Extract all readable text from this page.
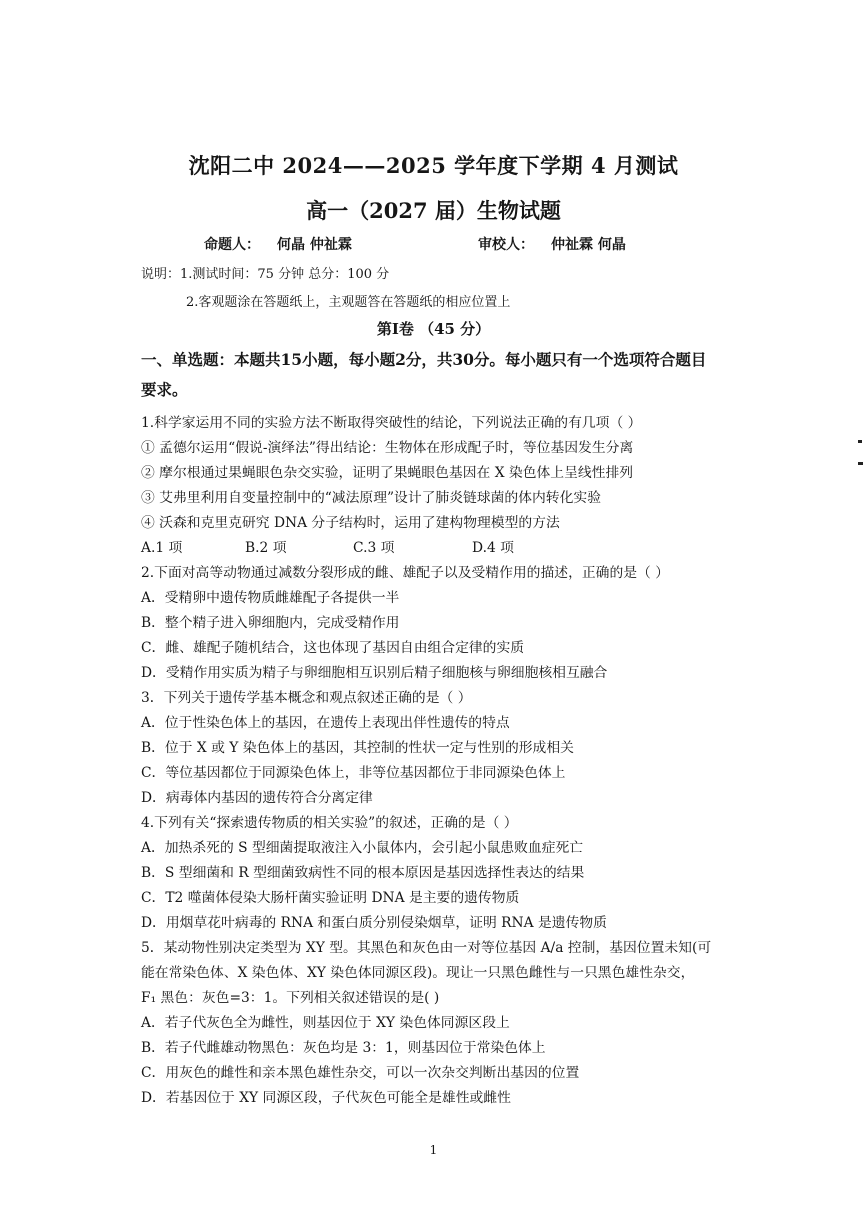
沈阳二中 2024——2025 学年度下学期 4 月测试
高一（2027 届）生物试题
命题人： 何晶 仲祉霖	审校人： 仲祉霖 何晶
说明：1.测试时间：75 分钟 总分：100 分
2.客观题涂在答题纸上，主观题答在答题纸的相应位置上
第Ⅰ卷 （45 分）
一、单选题：本题共15小题，每小题2分，共30分。每小题只有一个选项符合题目
要求。
1.科学家运用不同的实验方法不断取得突破性的结论，下列说法正确的有几项（ ）
① 孟德尔运用“假说-演绎法”得出结论：生物体在形成配子时，等位基因发生分离
② 摩尔根通过果蝇眼色杂交实验，证明了果蝇眼色基因在 X 染色体上呈线性排列
③ 艾弗里利用自变量控制中的“减法原理”设计了肺炎链球菌的体内转化实验
④ 沃森和克里克研究 DNA 分子结构时，运用了建构物理模型的方法
A.1 项	B.2 项	C.3 项	D.4 项
2.下面对高等动物通过减数分裂形成的雌、雄配子以及受精作用的描述，正确的是（ ）
A．受精卵中遗传物质雌雄配子各提供一半
B．整个精子进入卵细胞内，完成受精作用
C．雌、雄配子随机结合，这也体现了基因自由组合定律的实质
D．受精作用实质为精子与卵细胞相互识别后精子细胞核与卵细胞核相互融合
3．下列关于遗传学基本概念和观点叙述正确的是（ ）
A．位于性染色体上的基因，在遗传上表现出伴性遗传的特点
B．位于 X 或 Y 染色体上的基因，其控制的性状一定与性别的形成相关
C．等位基因都位于同源染色体上，非等位基因都位于非同源染色体上
D．病毒体内基因的遗传符合分离定律
4.下列有关“探索遗传物质的相关实验”的叙述，正确的是（ ）
A．加热杀死的 S 型细菌提取液注入小鼠体内，会引起小鼠患败血症死亡
B．S 型细菌和 R 型细菌致病性不同的根本原因是基因选择性表达的结果
C．T2 噬菌体侵染大肠杆菌实验证明 DNA 是主要的遗传物质
D．用烟草花叶病毒的 RNA 和蛋白质分别侵染烟草，证明 RNA 是遗传物质
5．某动物性别决定类型为 XY 型。其黑色和灰色由一对等位基因 A/a 控制，基因位置未知(可
能在常染色体、X 染色体、XY 染色体同源区段)。现让一只黑色雌性与一只黑色雄性杂交，
F₁ 黑色：灰色=3：1。下列相关叙述错误的是( )
A．若子代灰色全为雌性，则基因位于 XY 染色体同源区段上
B．若子代雌雄动物黑色：灰色均是 3：1，则基因位于常染色体上
C．用灰色的雌性和亲本黑色雄性杂交，可以一次杂交判断出基因的位置
D．若基因位于 XY 同源区段，子代灰色可能全是雄性或雌性
1
